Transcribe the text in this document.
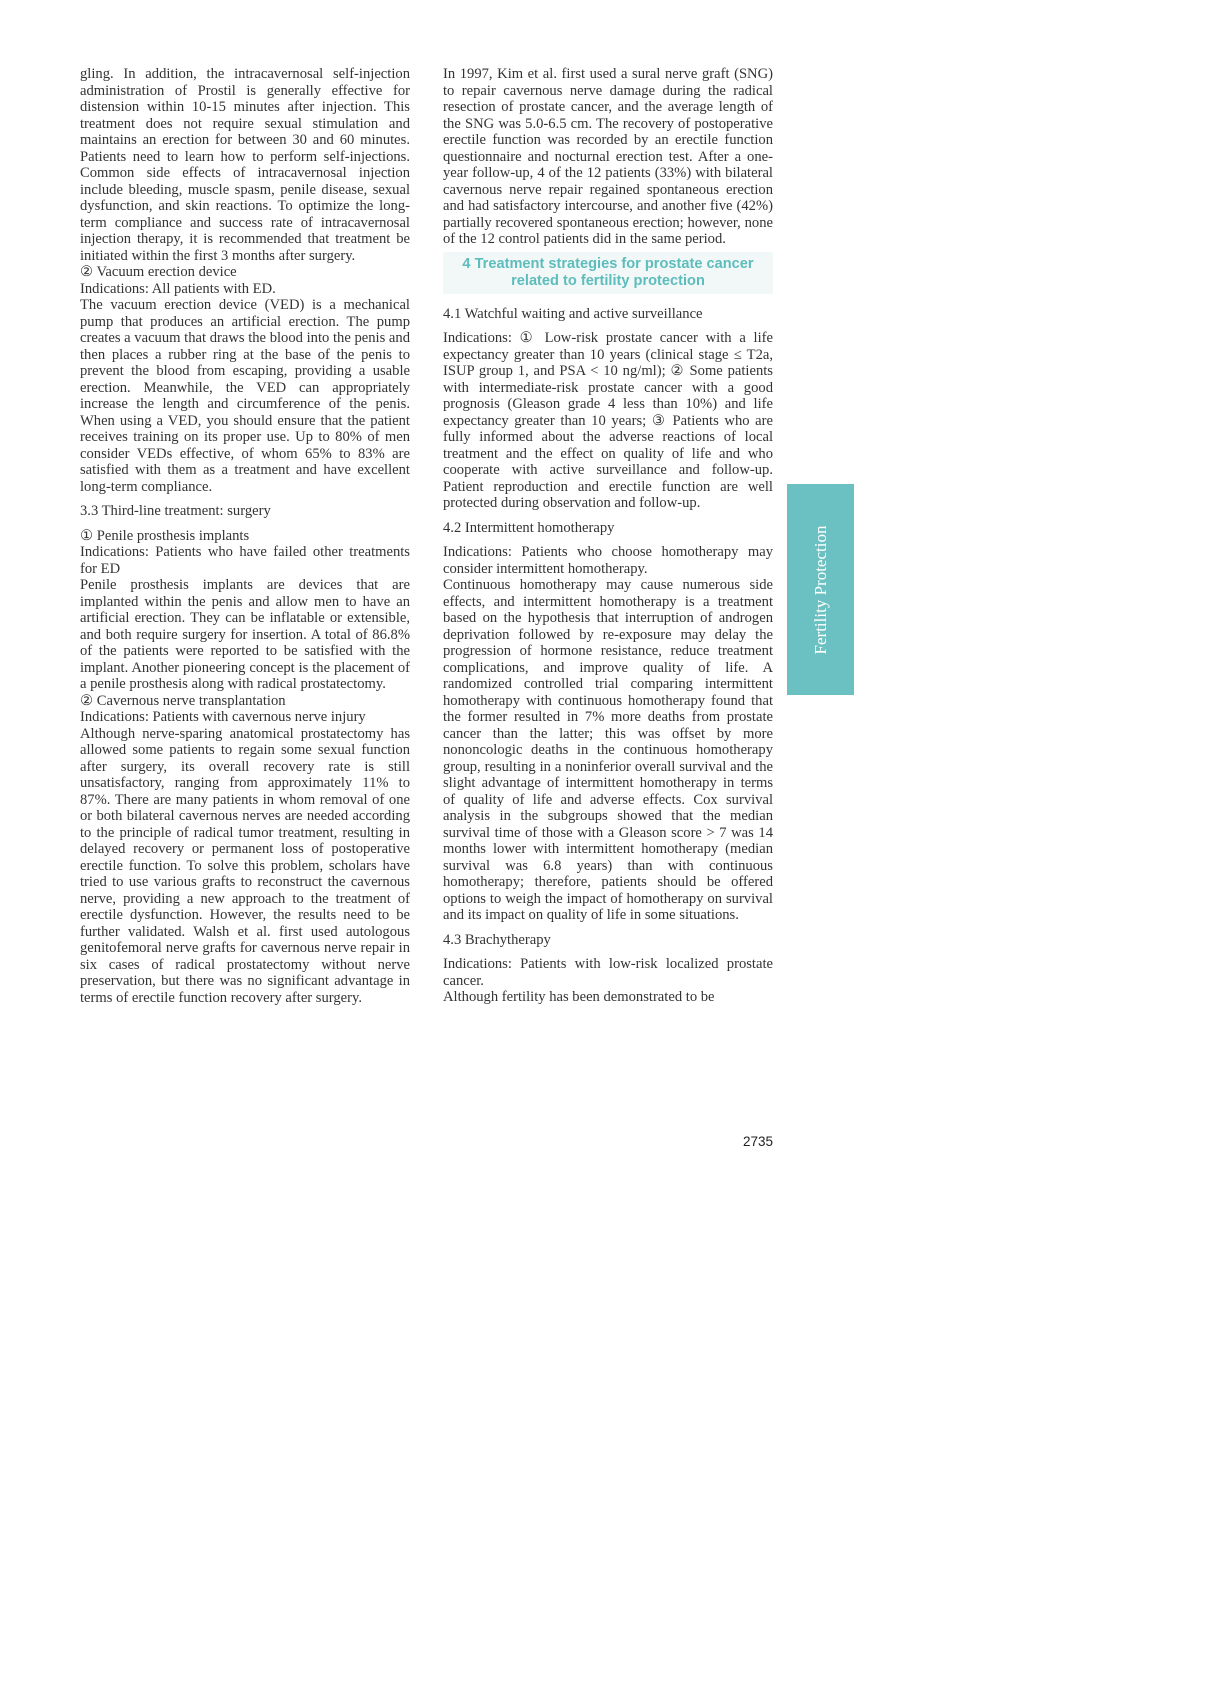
gling. In addition, the intracavernosal self-injection administration of Prostil is generally effective for distension within 10-15 minutes after injection. This treatment does not require sexual stimulation and maintains an erection for between 30 and 60 minutes. Patients need to learn how to perform self-injections. Common side effects of intracavernosal injection include bleeding, muscle spasm, penile disease, sexual dysfunction, and skin reactions. To optimize the long-term compliance and success rate of intracavernosal injection therapy, it is recommended that treatment be initiated within the first 3 months after surgery.

② Vacuum erection device

Indications: All patients with ED.

The vacuum erection device (VED) is a mechanical pump that produces an artificial erection. The pump creates a vacuum that draws the blood into the penis and then places a rubber ring at the base of the penis to prevent the blood from escaping, providing a usable erection. Meanwhile, the VED can appropriately increase the length and circumference of the penis. When using a VED, you should ensure that the patient receives training on its proper use. Up to 80% of men consider VEDs effective, of whom 65% to 83% are satisfied with them as a treatment and have excellent long-term compliance.

3.3 Third-line treatment: surgery

① Penile prosthesis implants

Indications: Patients who have failed other treatments for ED

Penile prosthesis implants are devices that are implanted within the penis and allow men to have an artificial erection. They can be inflatable or extensible, and both require surgery for insertion. A total of 86.8% of the patients were reported to be satisfied with the implant. Another pioneering concept is the placement of a penile prosthesis along with radical prostatectomy.

② Cavernous nerve transplantation

Indications: Patients with cavernous nerve injury

Although nerve-sparing anatomical prostatectomy has allowed some patients to regain some sexual function after surgery, its overall recovery rate is still unsatisfactory, ranging from approximately 11% to 87%. There are many patients in whom removal of one or both bilateral cavernous nerves are needed according to the principle of radical tumor treatment, resulting in delayed recovery or permanent loss of postoperative erectile function. To solve this problem, scholars have tried to use various grafts to reconstruct the cavernous nerve, providing a new approach to the treatment of erectile dysfunction. However, the results need to be further validated. Walsh et al. first used autologous genitofemoral nerve grafts for cavernous nerve repair in six cases of radical prostatectomy without nerve preservation, but there was no significant advantage in terms of erectile function recovery after surgery.

In 1997, Kim et al. first used a sural nerve graft (SNG) to repair cavernous nerve damage during the radical resection of prostate cancer, and the average length of the SNG was 5.0-6.5 cm. The recovery of postoperative erectile function was recorded by an erectile function questionnaire and nocturnal erection test. After a one-year follow-up, 4 of the 12 patients (33%) with bilateral cavernous nerve repair regained spontaneous erection and had satisfactory intercourse, and another five (42%) partially recovered spontaneous erection; however, none of the 12 control patients did in the same period.

4 Treatment strategies for prostate cancer related to fertility protection

4.1 Watchful waiting and active surveillance

Indications: ① Low-risk prostate cancer with a life expectancy greater than 10 years (clinical stage ≤ T2a, ISUP group 1, and PSA < 10 ng/ml); ② Some patients with intermediate-risk prostate cancer with a good prognosis (Gleason grade 4 less than 10%) and life expectancy greater than 10 years; ③ Patients who are fully informed about the adverse reactions of local treatment and the effect on quality of life and who cooperate with active surveillance and follow-up. Patient reproduction and erectile function are well protected during observation and follow-up.

4.2 Intermittent homotherapy

Indications: Patients who choose homotherapy may consider intermittent homotherapy.

Continuous homotherapy may cause numerous side effects, and intermittent homotherapy is a treatment based on the hypothesis that interruption of androgen deprivation followed by re-exposure may delay the progression of hormone resistance, reduce treatment complications, and improve quality of life. A randomized controlled trial comparing intermittent homotherapy with continuous homotherapy found that the former resulted in 7% more deaths from prostate cancer than the latter; this was offset by more nononcologic deaths in the continuous homotherapy group, resulting in a noninferior overall survival and the slight advantage of intermittent homotherapy in terms of quality of life and adverse effects. Cox survival analysis in the subgroups showed that the median survival time of those with a Gleason score > 7 was 14 months lower with intermittent homotherapy (median survival was 6.8 years) than with continuous homotherapy; therefore, patients should be offered options to weigh the impact of homotherapy on survival and its impact on quality of life in some situations.

4.3 Brachytherapy

Indications: Patients with low-risk localized prostate cancer.

Although fertility has been demonstrated to be

Fertility Protection
2735
